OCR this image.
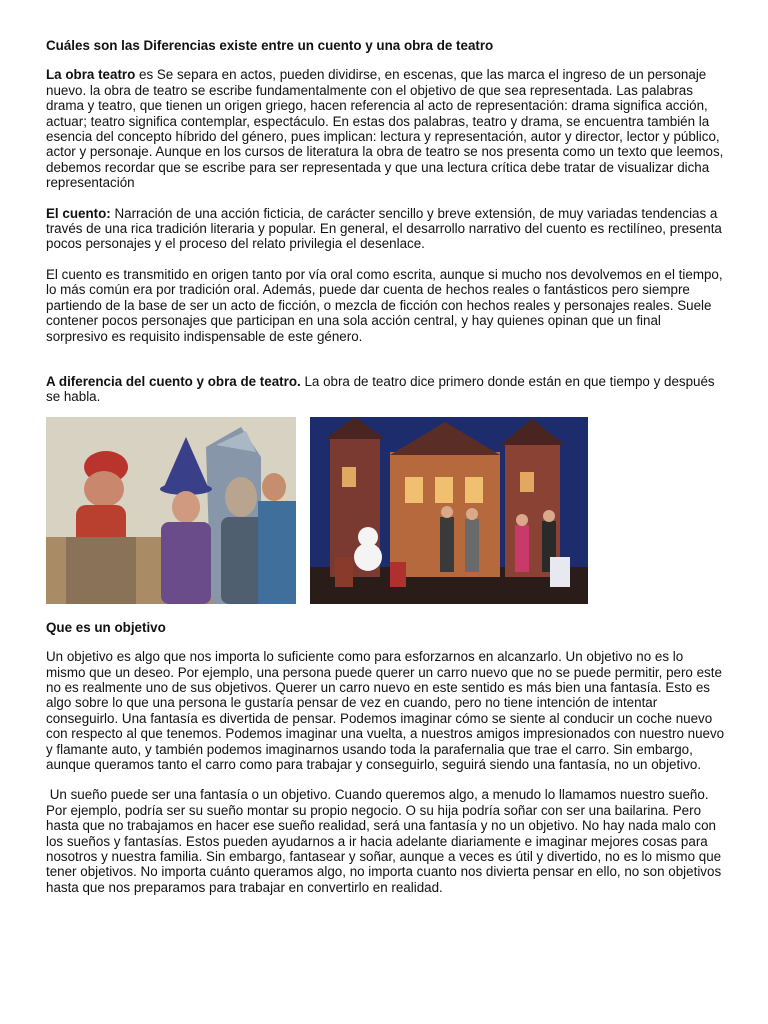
Cuáles son las Diferencias existe entre un cuento y una obra de teatro

La obra teatro es Se separa en actos, pueden dividirse, en escenas, que las marca el ingreso de un personaje nuevo. la obra de teatro se escribe fundamentalmente con el objetivo de que sea representada. Las palabras drama y teatro, que tienen un origen griego, hacen referencia al acto de representación: drama significa acción, actuar; teatro significa contemplar, espectáculo. En estas dos palabras, teatro y drama, se encuentra también la esencia del concepto híbrido del género, pues implican: lectura y representación, autor y director, lector y público, actor y personaje. Aunque en los cursos de literatura la obra de teatro se nos presenta como un texto que leemos, debemos recordar que se escribe para ser representada y que una lectura crítica debe tratar de visualizar dicha representación

El cuento: Narración de una acción ficticia, de carácter sencillo y breve extensión, de muy variadas tendencias a través de una rica tradición literaria y popular. En general, el desarrollo narrativo del cuento es rectilíneo, presenta pocos personajes y el proceso del relato privilegia el desenlace.

El cuento es transmitido en origen tanto por vía oral como escrita, aunque si mucho nos devolvemos en el tiempo, lo más común era por tradición oral. Además, puede dar cuenta de hechos reales o fantásticos pero siempre partiendo de la base de ser un acto de ficción, o mezcla de ficción con hechos reales y personajes reales. Suele contener pocos personajes que participan en una sola acción central, y hay quienes opinan que un final sorpresivo es requisito indispensable de este género.

A diferencia del cuento y obra de teatro. La obra de teatro dice primero donde están en que tiempo y después se habla.

Que es un objetivo

Un objetivo es algo que nos importa lo suficiente como para esforzarnos en alcanzarlo. Un objetivo no es lo mismo que un deseo. Por ejemplo, una persona puede querer un carro nuevo que no se puede permitir, pero este no es realmente uno de sus objetivos. Querer un carro nuevo en este sentido es más bien una fantasía. Esto es algo sobre lo que una persona le gustaría pensar de vez en cuando, pero no tiene intención de intentar conseguirlo. Una fantasía es divertida de pensar. Podemos imaginar cómo se siente al conducir un coche nuevo con respecto al que tenemos. Podemos imaginar una vuelta, a nuestros amigos impresionados con nuestro nuevo y flamante auto, y también podemos imaginarnos usando toda la parafernalia que trae el carro. Sin embargo, aunque queramos tanto el carro como para trabajar y conseguirlo, seguirá siendo una fantasía, no un objetivo.

Un sueño puede ser una fantasía o un objetivo. Cuando queremos algo, a menudo lo llamamos nuestro sueño. Por ejemplo, podría ser su sueño montar su propio negocio. O su hija podría soñar con ser una bailarina. Pero hasta que no trabajamos en hacer ese sueño realidad, será una fantasía y no un objetivo. No hay nada malo con los sueños y fantasías. Estos pueden ayudarnos a ir hacia adelante diariamente e imaginar mejores cosas para nosotros y nuestra familia. Sin embargo, fantasear y soñar, aunque a veces es útil y divertido, no es lo mismo que tener objetivos. No importa cuánto queramos algo, no importa cuanto nos divierta pensar en ello, no son objetivos hasta que nos preparamos para trabajar en convertirlo en realidad.
